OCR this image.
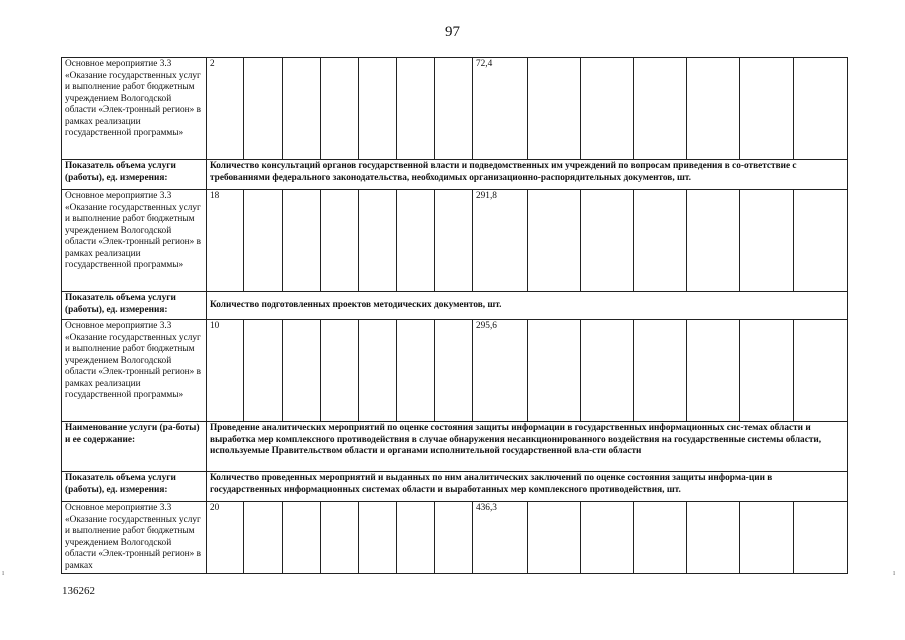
97
Основное мероприятие 3.3 «Оказание государственных услуг и выполнение работ бюджетным учреждением Вологодской области «Элек-тронный регион» в рамках реализации государственной программы»	2							72,4						
Показатель объема услуги (работы), ед. измерения:	Количество консультаций органов государственной власти и подведомственных им учреждений по вопросам приведения в со-ответствие с требованиями федерального законодательства, необходимых организационно-распорядительных документов, шт.													
Основное мероприятие 3.3 «Оказание государственных услуг и выполнение работ бюджетным учреждением Вологодской области «Элек-тронный регион» в рамках реализации государственной программы»	18							291,8						
Показатель объема услуги (работы), ед. измерения:	Количество подготовленных проектов методических документов, шт.													
Основное мероприятие 3.3 «Оказание государственных услуг и выполнение работ бюджетным учреждением Вологодской области «Элек-тронный регион» в рамках реализации государственной программы»	10							295,6						
Наименование услуги (ра-боты) и ее содержание:	Проведение аналитических мероприятий по оценке состояния защиты информации в государственных информационных сис-темах области и выработка мер комплексного противодействия в случае обнаружения несанкционированного воздействия на государственные системы области, используемые Правительством области и органами исполнительной государственной вла-сти области													
Показатель объема услуги (работы), ед. измерения:	Количество проведенных мероприятий и выданных по ним аналитических заключений по оценке состояния защиты информа-ции в государственных информационных системах области и выработанных мер комплексного противодействия, шт.													
Основное мероприятие 3.3 «Оказание государственных услуг и выполнение работ бюджетным учреждением Вологодской области «Элек-тронный регион» в рамках	20							436,3						
136262
ı	ı
